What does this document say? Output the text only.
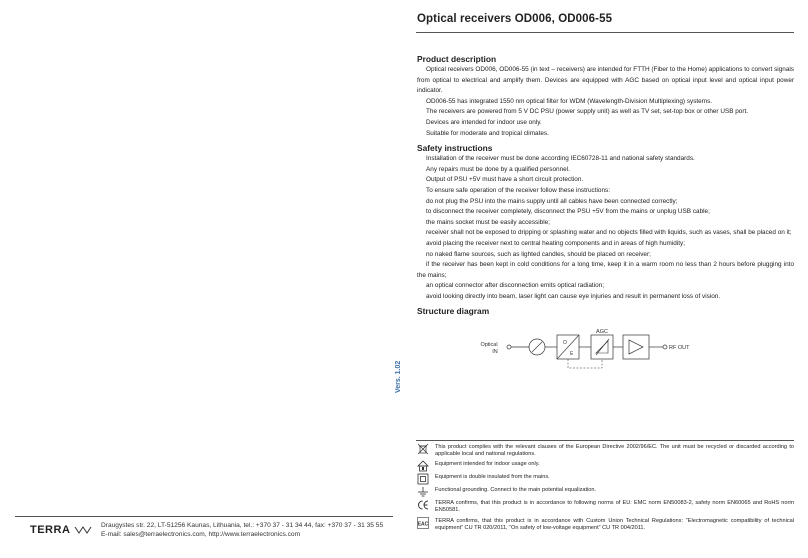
Optical receivers OD006, OD006-55
Product description

Optical receivers OD006, OD006-55 (in text – receivers) are intended for FTTH (Fiber to the Home) applications to convert signals from optical to electrical and amplify them. Devices are equipped with AGC based on optical input level and optical input power indicator.

OD006-55 has integrated 1550 nm optical filter for WDM (Wavelength-Division Multiplexing) systems.

The receivers are powered from 5 V DC PSU (power supply unit) as well as TV set, set-top box or other USB port.

Devices are intended for indoor use only.

Suitable for moderate and tropical climates.

Safety instructions

Installation of the receiver must be done according IEC60728-11 and national safety standards.

Any repairs must be done by a qualified personnel.

Output of PSU +5V must have a short circuit protection.

To ensure safe operation of the receiver follow these instructions:

do not plug the PSU into the mains supply until all cables have been connected correctly;

to disconnect the receiver completely, disconnect the PSU +5V from the mains or unplug USB cable;

the mains socket must be easily accessible;

receiver shall not be exposed to dripping or splashing water and no objects filled with liquids, such as vases, shall be placed on it;

avoid placing the receiver next to central heating components and in areas of high humidity;

no naked flame sources, such as lighted candles, should be placed on receiver;

if the receiver has been kept in cold conditions for a long time, keep it in a warm room no less than 2 hours before plugging into the mains;

an optical connector after disconnection emits optical radiation;

avoid looking directly into beam, laser light can cause eye injuries and result in permanent loss of vision.

Structure diagram
Optical
IN
O
E
AGC
RF OUT
Vers. 1.02
This product complies with the relevant clauses of the European Directive 2002/96/EC. The unit must be recycled or discarded according to applicable local and national regulations.
Equipment intended for indoor usage only.
Equipment is double insulated from the mains.
Functional grounding. Connect to the main potential equalization.
TERRA confirms, that this product is in accordance to following norms of EU: EMC norm EN50083-2, safety norm EN60065 and RoHS norm EN50581.
EAC
TERRA confirms, that this product is in accordance with Custom Union Technical Regulations: “Electromagnetic compatibility of technical equipment” CU TR 020/2011, “On safety of low-voltage equipment” CU TR 004/2011.
TERRA	Draugystes str. 22, LT-51256 Kaunas, Lithuania, tel.: +370 37 - 31 34 44, fax: +370 37 - 31 35 55
E-mail: sales@terraelectronics.com, http://www.terraelectronics.com
